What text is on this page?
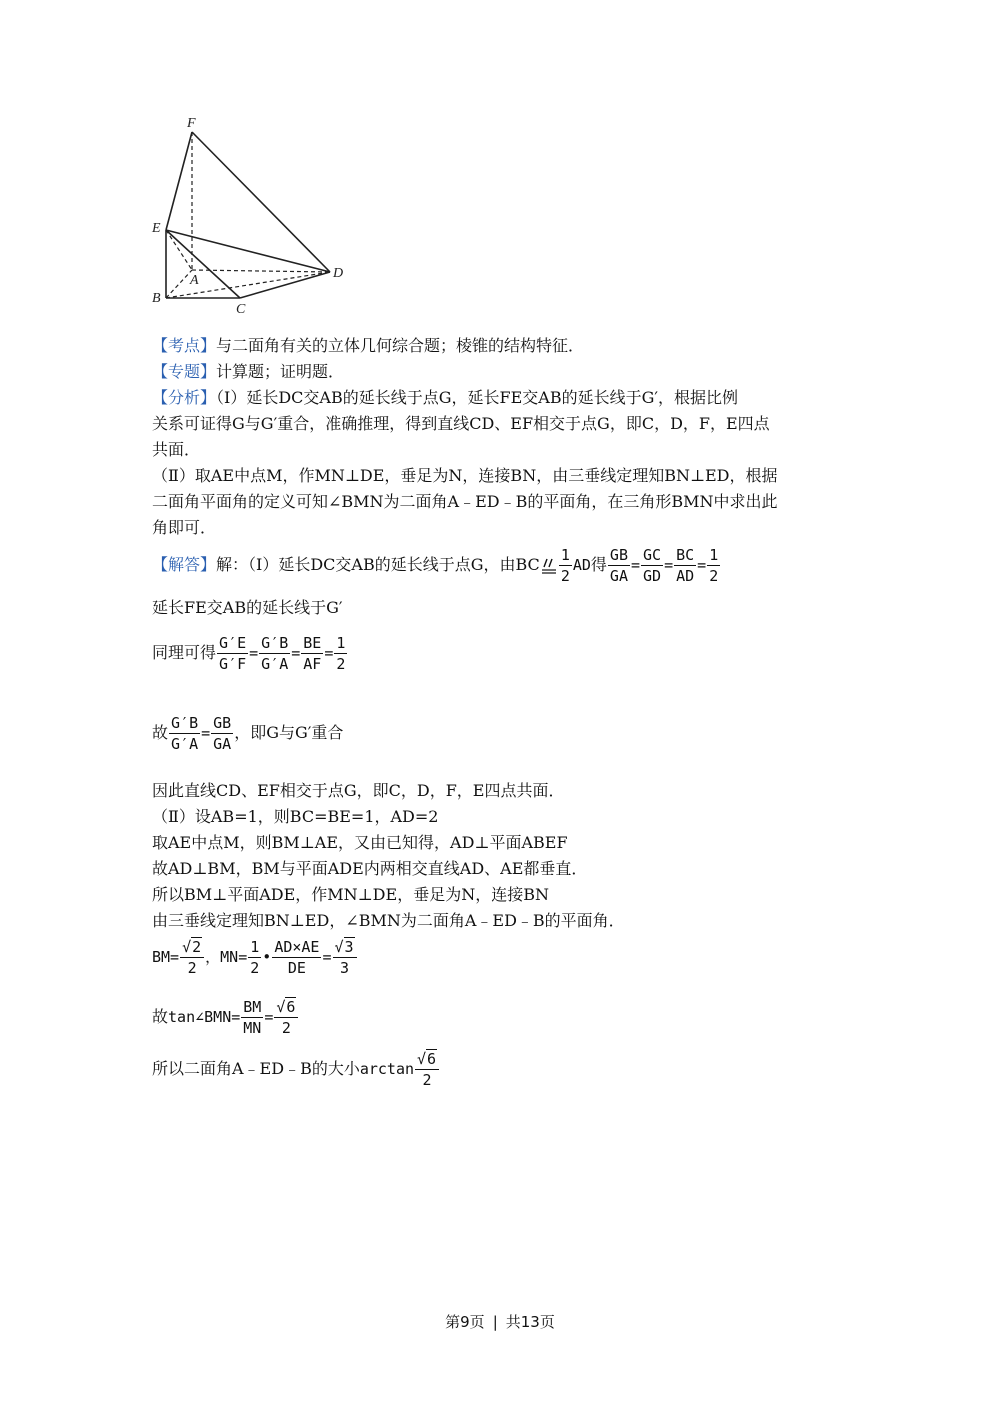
F
E
A
B
C
D
【考点】与二面角有关的立体几何综合题；棱锥的结构特征．
【专题】计算题；证明题．
【分析】（Ⅰ）延长DC交AB的延长线于点G，延长FE交AB的延长线于G′，根据比例
关系可证得G与G′重合，准确推理，得到直线CD、EF相交于点G，即C，D，F，E四点
共面．
（Ⅱ）取AE中点M，作MN⊥DE，垂足为N，连接BN，由三垂线定理知BN⊥ED，根据
二面角平面角的定义可知∠BMN为二面角A﹣ED﹣B的平面角，在三角形BMN中求出此
角即可．
【解答】解：（Ⅰ）延长DC交AB的延长线于点G，由BC $\frac{1}{2}$ AD得 $\frac{GB}{GA} = \frac{GC}{GD} = \frac{BC}{AD} = \frac{1}{2}$
延长FE交AB的延长线于G′
同理可得 $\frac{G'E}{G'F} = \frac{G'B}{G'A} = \frac{BE}{AF} = \frac{1}{2}$
故 $\frac{G'B}{G'A} = \frac{GB}{GA}$ ，即G与G′重合
因此直线CD、EF相交于点G，即C，D，F，E四点共面．
（Ⅱ）设AB=1，则BC=BE=1，AD=2
取AE中点M，则BM⊥AE，又由已知得，AD⊥平面ABEF
故AD⊥BM，BM与平面ADE内两相交直线AD、AE都垂直．
所以BM⊥平面ADE，作MN⊥DE，垂足为N，连接BN
由三垂线定理知BN⊥ED，∠BMN为二面角A﹣ED﹣B的平面角．
$BM= \frac{√2}{2}$ ，$MN= \frac{1}{2}$ • $\frac{AD\times AE}{DE} = \frac{√3}{3}$
故tan∠BMN= $\frac{BM}{MN} = \frac{√6}{2}$
所以二面角A﹣ED﹣B的大小$\arctan \frac{√6}{2}$
第9页 | 共13页
